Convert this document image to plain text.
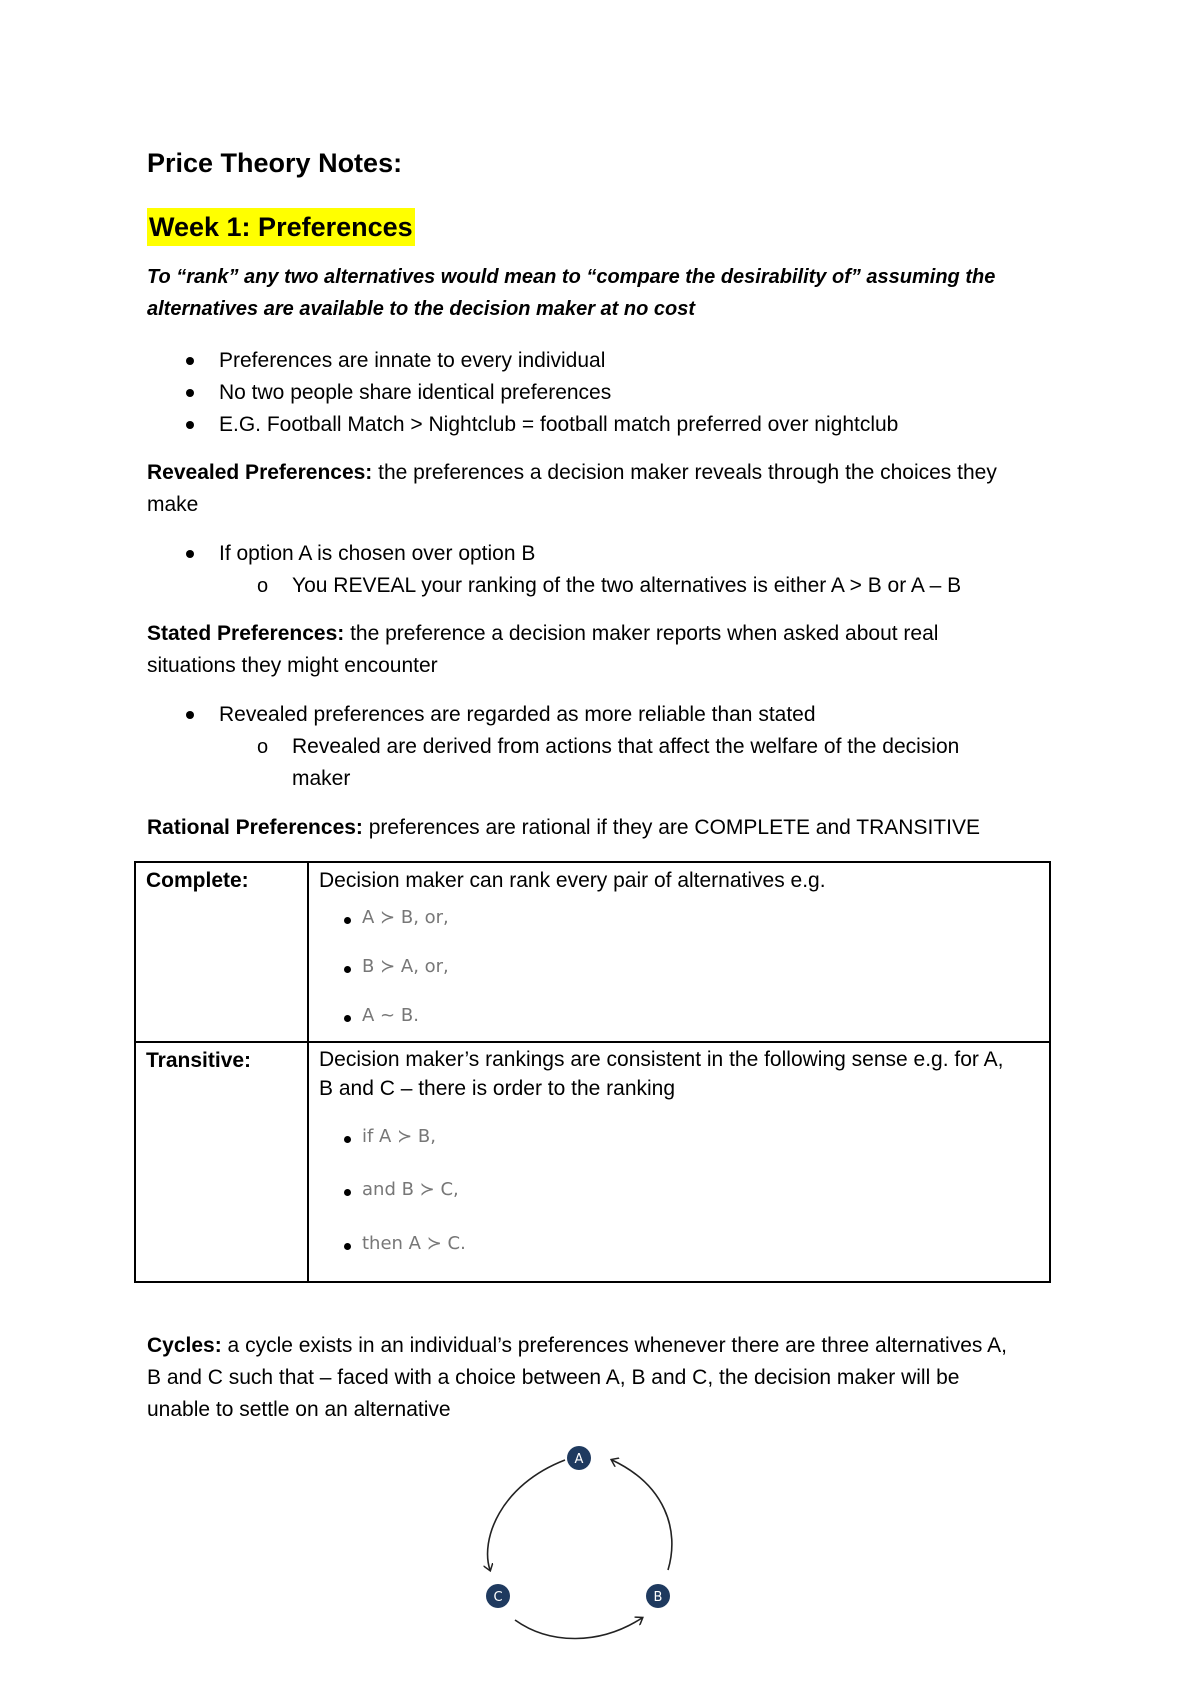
Price Theory Notes:
Week 1: Preferences
To “rank” any two alternatives would mean to “compare the desirability of” assuming the
alternatives are available to the decision maker at no cost
Preferences are innate to every individual
No two people share identical preferences
E.G. Football Match > Nightclub = football match preferred over nightclub
Revealed Preferences: the preferences a decision maker reveals through the choices they
make
If option A is chosen over option B
o You REVEAL your ranking of the two alternatives is either A > B or A – B
Stated Preferences: the preference a decision maker reports when asked about real
situations they might encounter
Revealed preferences are regarded as more reliable than stated
o Revealed are derived from actions that affect the welfare of the decision
maker
Rational Preferences: preferences are rational if they are COMPLETE and TRANSITIVE
Complete:	Decision maker can rank every pair of alternatives e.g.
A ≻ B, or,
B ≻ A, or,
A ~ B.

Transitive:	Decision maker’s rankings are consistent in the following sense e.g. for A,
B and C – there is order to the ranking
if A ≻ B,
and B ≻ C,
then A ≻ C.
Cycles: a cycle exists in an individual’s preferences whenever there are three alternatives A,
B and C such that – faced with a choice between A, B and C, the decision maker will be
unable to settle on an alternative
A
B
C
